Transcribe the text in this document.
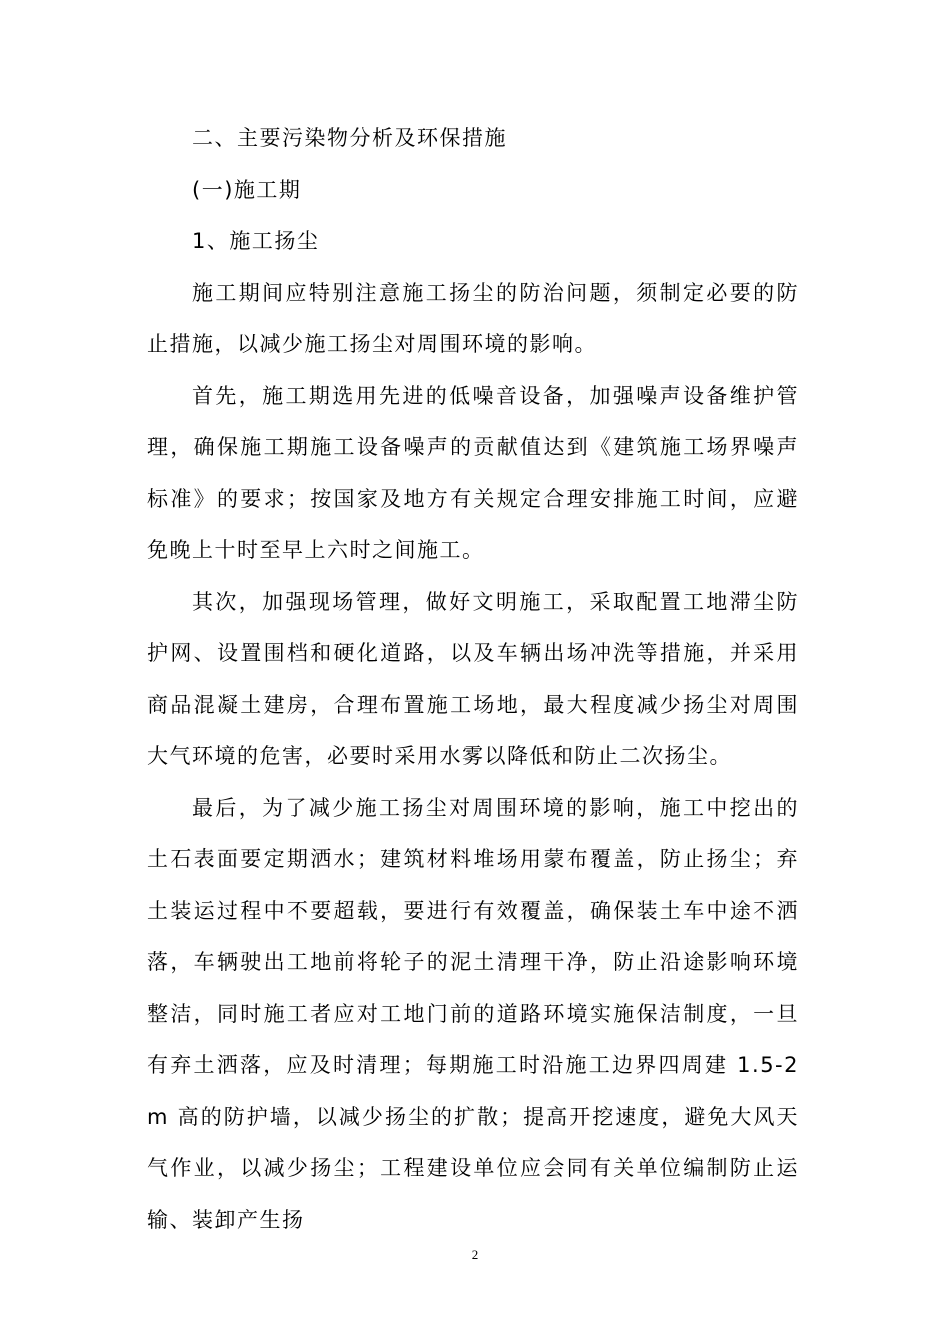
二、主要污染物分析及环保措施

(一)施工期

1、施工扬尘

施工期间应特别注意施工扬尘的防治问题，须制定必要的防止措施，以减少施工扬尘对周围环境的影响。

首先，施工期选用先进的低噪音设备，加强噪声设备维护管理，确保施工期施工设备噪声的贡献值达到《建筑施工场界噪声标准》的要求；按国家及地方有关规定合理安排施工时间，应避免晚上十时至早上六时之间施工。

其次，加强现场管理，做好文明施工，采取配置工地滞尘防护网、设置围档和硬化道路，以及车辆出场冲洗等措施，并采用商品混凝土建房，合理布置施工场地，最大程度减少扬尘对周围大气环境的危害，必要时采用水雾以降低和防止二次扬尘。

最后，为了减少施工扬尘对周围环境的影响，施工中挖出的土石表面要定期洒水；建筑材料堆场用蒙布覆盖，防止扬尘；弃土装运过程中不要超载，要进行有效覆盖，确保装土车中途不洒落，车辆驶出工地前将轮子的泥土清理干净，防止沿途影响环境整洁，同时施工者应对工地门前的道路环境实施保洁制度，一旦有弃土洒落，应及时清理；每期施工时沿施工边界四周建 1.5-2m 高的防护墙，以减少扬尘的扩散；提高开挖速度，避免大风天气作业，以减少扬尘；工程建设单位应会同有关单位编制防止运输、装卸产生扬

2
